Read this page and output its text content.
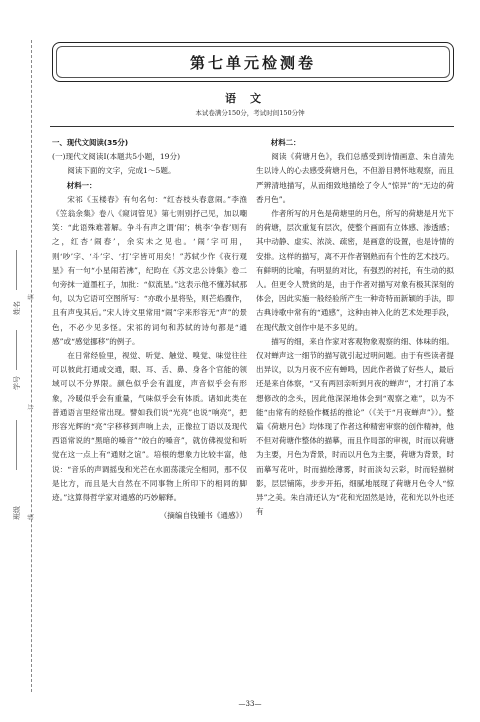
姓名
学号
班级
装
订
线
第七单元检测卷
语文
本试卷满分150分，考试时间150分钟

一、现代文阅读(35分)

(一)现代文阅读Ⅰ(本题共5小题，19分)

阅读下面的文字，完成1～5题。

材料一：

宋祁《玉楼春》有句名句：“红杏枝头春意闹。”李渔《笠翁余集》卷八《窥词管见》第七则别抒己见，加以嘲笑：“此语殊难著解。争斗有声之谓‘闹’；桃李‘争春’则有之，红杏‘闹春’，余实未之见也。‘闹’字可用，则‘吵’字、‘斗’字、‘打’字皆可用矣！”苏轼少作《夜行观星》有一句“小星闹若沸”，纪昀在《苏文忠公诗集》卷二句旁抹一道墨杠子，加批：“似流星。”这表示他不懂苏轼那句，以为它语可空图所写：“亦敢小星将坠，则芒焰骤作，且有声曳其后。”宋人诗文里常用“闹”字来形容无“声”的景色，不必少见多怪。宋祁的词句和苏轼的诗句都是“通感”或“感觉挪移”的例子。

在日常经验里，视觉、听觉、触觉、嗅觉、味觉往往可以彼此打通或交通，眼、耳、舌、鼻、身各个官能的领域可以不分界限。颜色似乎会有温度，声音似乎会有形象，冷暖似乎会有重量，气味似乎会有体质。诸如此类在普通语言里经常出现。譬如我们说“光亮”也说“响亮”，把形容光辉的“亮”字移移到声响上去，正像拉丁语以及现代西语常说的“黑暗的嗓音”“皎白的嗓音”，就仿佛视觉和听觉在这一点上有“通财之谊”。培根的想象力比较丰富，他说：“音乐的声调摇曳和光芒在水面荡漾完全相同，那不仅是比方，而且是大自然在不同事物上所印下的相同的脚迹。”这算得哲学家对通感的巧妙解释。

（摘编自钱锺书《通感》）

材料二：

阅读《荷塘月色》，我们总感受到诗情画意、朱自清先生以诗人的心去感受荷塘月色，不但游目骋怀地观察，而且严辨清地描写，从而细致地描绘了令人“惊异”的“无边的荷香月色”。

作者所写的月色是荷塘里的月色，所写的荷塘是月光下的荷塘，层次重复有层次，使整个画面有立体感、渗透感；其中动静、虚实、浓淡、疏密，是画意的设置，也是诗情的安排。这样的描写，离不开作者钢熟而有个性的艺术技巧。有鲜明的比喻，有明显的对比，有强烈的衬托，有生动的拟人。但更令人赞赏的是，由于作者对描写对象有极其深刻的体会，因此实施一般经验所产生一种奇特而新颖的手法，即古典诗歌中常有的“通感”，这种由神入化的艺术处理手段，在现代散文创作中是不多见的。

描写的细，来自作家对客观物象观察的细、体味的细。仅对蝉声这一细节的描写就引起过明问题。由于有些读者提出异议，以为月夜不应有蝉鸣，因此作者做了好些人，最后还是来自体察，“又有两回亲听到月夜的蝉声”，才打消了本想修改的念头，因此他深深地体会到“观察之难”，以为不能“由常有的经验作概括的推论”（《关于“月夜蝉声”》）。整篇《荷塘月色》均体现了作者这种精密审察的创作精神，他不但对荷塘作整体的描摹，而且作局部的审视，时而以荷塘为主要，月色为背景，时而以月色为主要，荷塘为背景，时而摹写花叶，时而描绘薄雾，时而淡勾云彩，时而轻描树影，层层铺陈，步步开拓，细腻地展现了荷塘月色令人“惊异”之美。朱自清还认为“花和光固然是诗，花和光以外也还有

—33—
